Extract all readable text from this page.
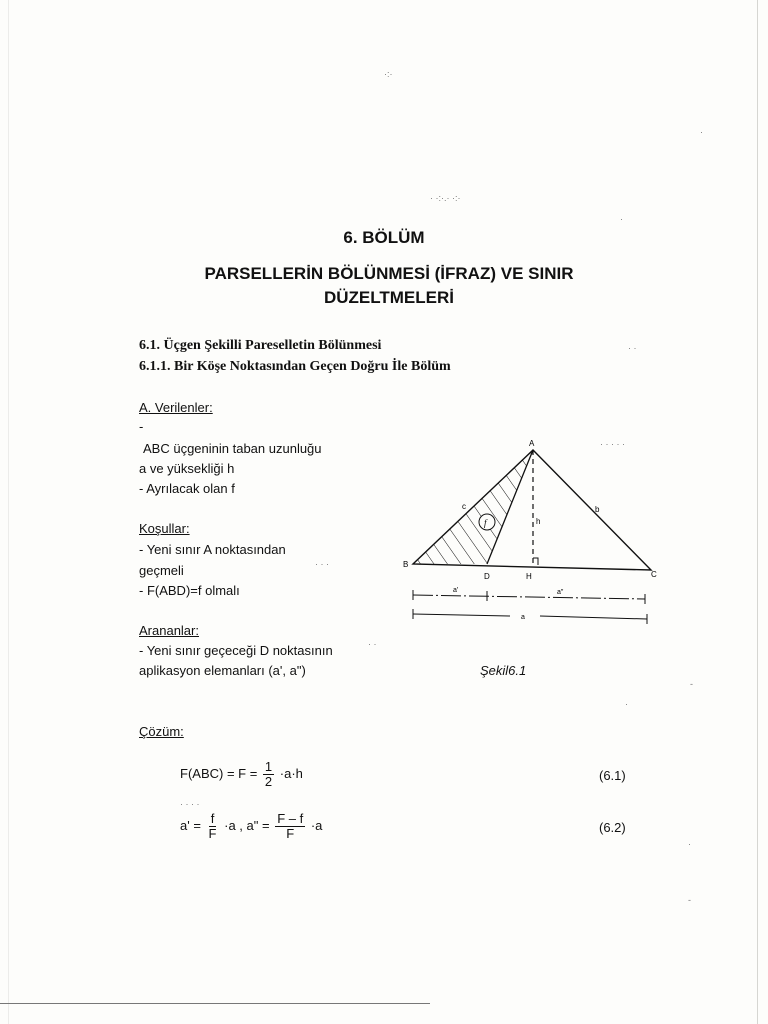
·:·
· ·:·.· ·:·
·
·
· ·
· · · · ·
· · ·
· ·
-
·
· · · ·
·
-
6. BÖLÜM
PARSELLERİN BÖLÜNMESİ (İFRAZ) VE SINIR
DÜZELTMELERİ
6.1. Üçgen Şekilli Pareselletin Bölünmesi
6.1.1. Bir Köşe Noktasından Geçen Doğru İle Bölüm
A. Verilenler:
-
ABC üçgeninin taban uzunluğu
a ve yüksekliği h
- Ayrılacak olan f
Koşullar:
- Yeni sınır A noktasından
geçmeli
- F(ABD)=f olmalı
Arananlar:
- Yeni sınır geçeceği D noktasının
aplikasyon elemanları (a', a")
f
A
B
C
D	H
b
c
h
a'	a"
a
Şekil6.1
Çözüm:
$F(ABC) = F = \frac{1}{2} \cdot a\cdot h$	(6.1)
$a' = \frac{f}{F} \cdot a$ , a" = $\frac{F - f}{F} \cdot a$	(6.2)
